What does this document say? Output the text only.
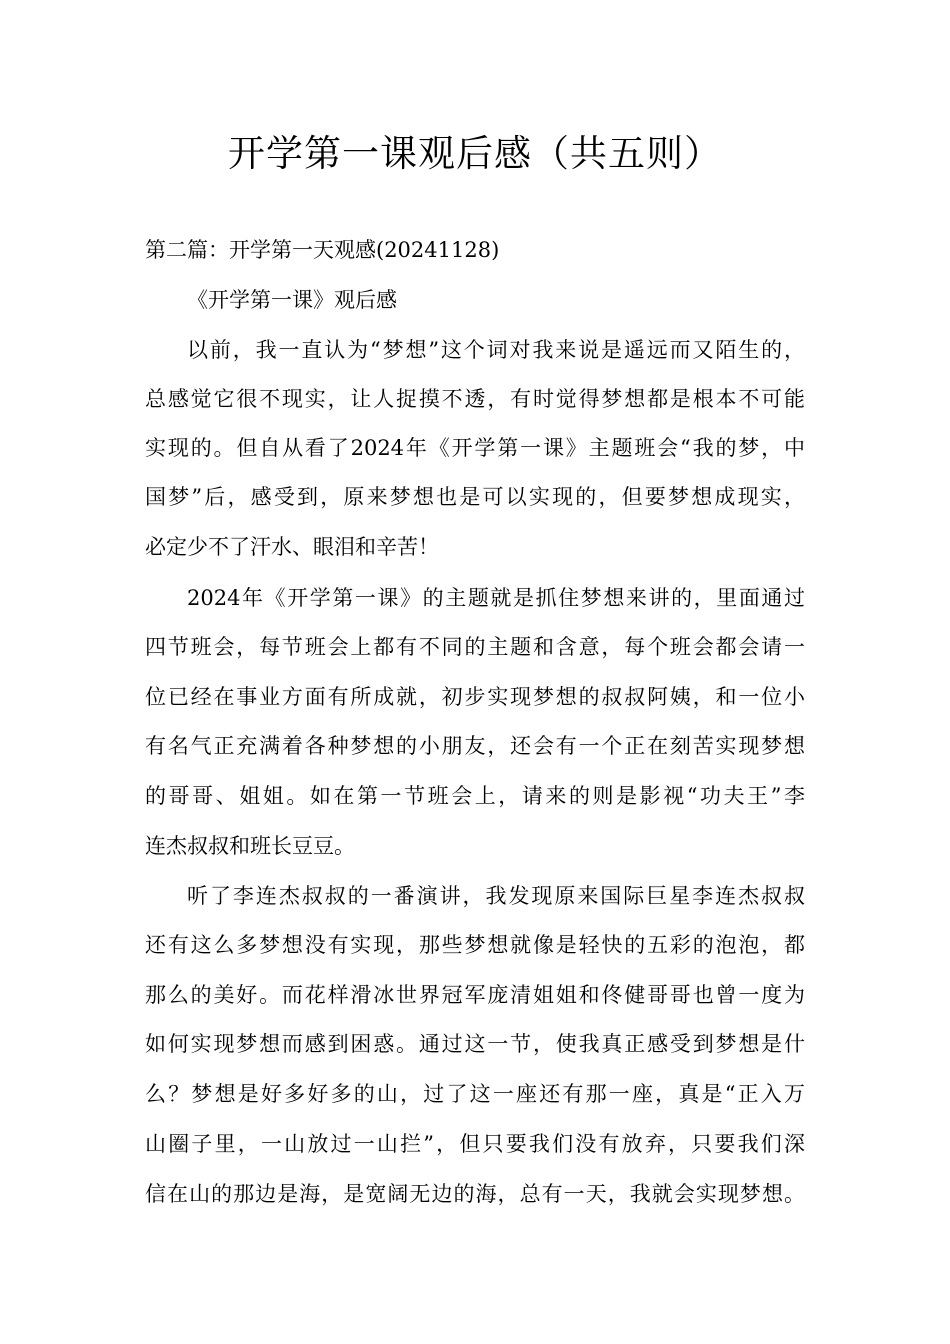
开学第一课观后感（共五则）

第二篇：开学第一天观感(20241128)

《开学第一课》观后感

以前，我一直认为“梦想”这个词对我来说是遥远而又陌生的，

总感觉它很不现实，让人捉摸不透，有时觉得梦想都是根本不可能

实现的。但自从看了2024年《开学第一课》主题班会“我的梦，中

国梦”后，感受到，原来梦想也是可以实现的，但要梦想成现实，

必定少不了汗水、眼泪和辛苦！

2024年《开学第一课》的主题就是抓住梦想来讲的，里面通过

四节班会，每节班会上都有不同的主题和含意，每个班会都会请一

位已经在事业方面有所成就，初步实现梦想的叔叔阿姨，和一位小

有名气正充满着各种梦想的小朋友，还会有一个正在刻苦实现梦想

的哥哥、姐姐。如在第一节班会上，请来的则是影视“功夫王”李

连杰叔叔和班长豆豆。

听了李连杰叔叔的一番演讲，我发现原来国际巨星李连杰叔叔

还有这么多梦想没有实现，那些梦想就像是轻快的五彩的泡泡，都

那么的美好。而花样滑冰世界冠军庞清姐姐和佟健哥哥也曾一度为

如何实现梦想而感到困惑。通过这一节，使我真正感受到梦想是什

么？梦想是好多好多的山，过了这一座还有那一座，真是“正入万

山圈子里，一山放过一山拦”，但只要我们没有放弃，只要我们深

信在山的那边是海，是宽阔无边的海，总有一天，我就会实现梦想。
